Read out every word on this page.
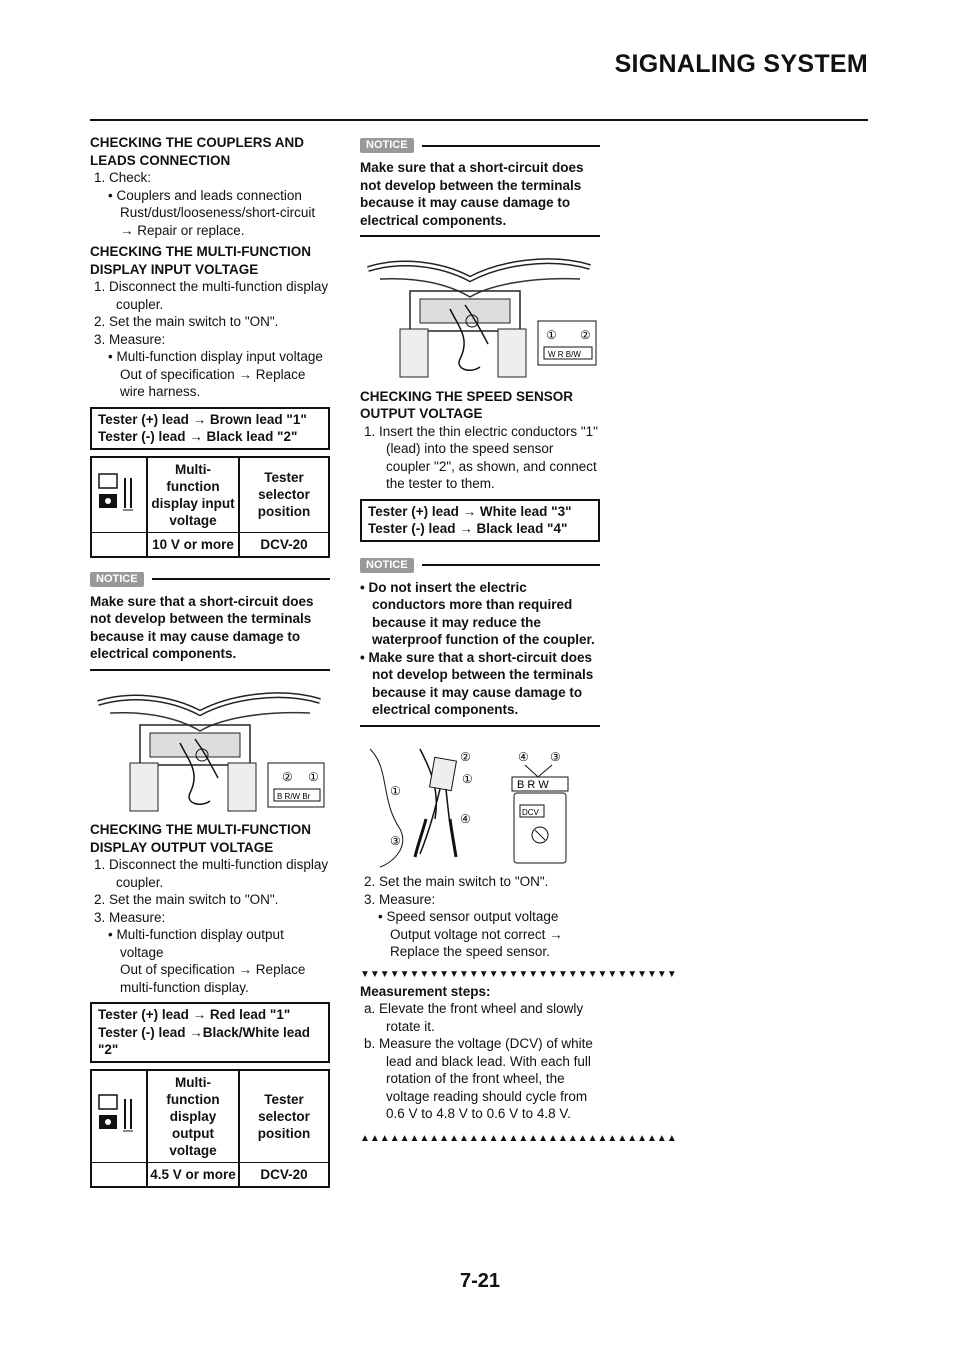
SIGNALING SYSTEM
CHECKING THE COUPLERS AND LEADS CONNECTION
1. Check:
• Couplers and leads connection
Rust/dust/looseness/short-circuit
→ Repair or replace.
CHECKING THE MULTI-FUNCTION DISPLAY INPUT VOLTAGE
1. Disconnect the multi-function display coupler.
2. Set the main switch to "ON".
3. Measure:
• Multi-function display input voltage
Out of specification → Replace wire harness.
Tester (+) lead → Brown lead "1"
Tester (-) lead → Black lead "2"
	Multi-function display input voltage	Tester selector position
	10 V or more	DCV-20
NOTICE
Make sure that a short-circuit does not develop between the terminals because it may cause damage to electrical components.
② ①
B R/W Br
CHECKING THE MULTI-FUNCTION DISPLAY OUTPUT VOLTAGE
1. Disconnect the multi-function display coupler.
2. Set the main switch to "ON".
3. Measure:
• Multi-function display output voltage
Out of specification → Replace multi-function display.
Tester (+) lead → Red lead "1"
Tester (-) lead →Black/White lead "2"
	Multi-function display output voltage	Tester selector position
	4.5 V or more	DCV-20
NOTICE
Make sure that a short-circuit does not develop between the terminals because it may cause damage to electrical components.
① ②
W R B/W
CHECKING THE SPEED SENSOR OUTPUT VOLTAGE
1. Insert the thin electric conductors "1" (lead) into the speed sensor coupler "2", as shown, and connect the tester to them.
Tester (+) lead → White lead "3"
Tester (-) lead → Black lead "4"
NOTICE
• Do not insert the electric conductors more than required because it may reduce the waterproof function of the coupler.
• Make sure that a short-circuit does not develop between the terminals because it may cause damage to electrical components.
②
①
①
④
③
④ ③
B R W
DCV
2. Set the main switch to "ON".
3. Measure:
• Speed sensor output voltage
Output voltage not correct → Replace the speed sensor.
▼▼▼▼▼▼▼▼▼▼▼▼▼▼▼▼▼▼▼▼▼▼▼▼▼▼▼▼▼▼▼▼
Measurement steps:
a. Elevate the front wheel and slowly rotate it.
b. Measure the voltage (DCV) of white lead and black lead. With each full rotation of the front wheel, the voltage reading should cycle from 0.6 V to 4.8 V to 0.6 V to 4.8 V.
▲▲▲▲▲▲▲▲▲▲▲▲▲▲▲▲▲▲▲▲▲▲▲▲▲▲▲▲▲▲▲▲
7-21
